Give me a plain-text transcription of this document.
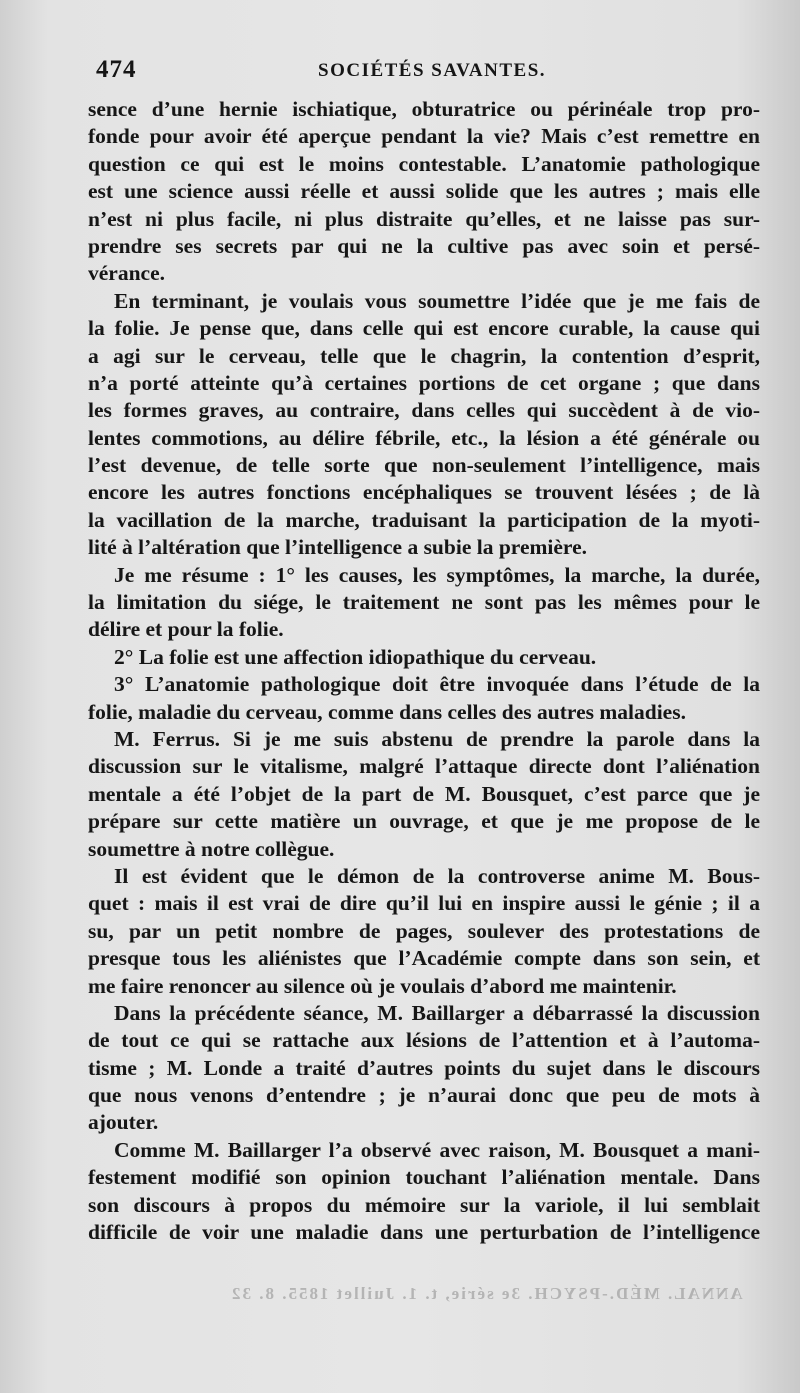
474	SOCIÉTÉS SAVANTES.
sence d’une hernie ischiatique, obturatrice ou périnéale trop pro-
fonde pour avoir été aperçue pendant la vie? Mais c’est remettre en
question ce qui est le moins contestable. L’anatomie pathologique
est une science aussi réelle et aussi solide que les autres ; mais elle
n’est ni plus facile, ni plus distraite qu’elles, et ne laisse pas sur-
prendre ses secrets par qui ne la cultive pas avec soin et persé-
vérance.
En terminant, je voulais vous soumettre l’idée que je me fais de
la folie. Je pense que, dans celle qui est encore curable, la cause qui
a agi sur le cerveau, telle que le chagrin, la contention d’esprit,
n’a porté atteinte qu’à certaines portions de cet organe ; que dans
les formes graves, au contraire, dans celles qui succèdent à de vio-
lentes commotions, au délire fébrile, etc., la lésion a été générale ou
l’est devenue, de telle sorte que non-seulement l’intelligence, mais
encore les autres fonctions encéphaliques se trouvent lésées ; de là
la vacillation de la marche, traduisant la participation de la myoti-
lité à l’altération que l’intelligence a subie la première.
Je me résume : 1° les causes, les symptômes, la marche, la durée,
la limitation du siége, le traitement ne sont pas les mêmes pour le
délire et pour la folie.
2° La folie est une affection idiopathique du cerveau.
3° L’anatomie pathologique doit être invoquée dans l’étude de la
folie, maladie du cerveau, comme dans celles des autres maladies.
M. Ferrus. Si je me suis abstenu de prendre la parole dans la
discussion sur le vitalisme, malgré l’attaque directe dont l’aliénation
mentale a été l’objet de la part de M. Bousquet, c’est parce que je
prépare sur cette matière un ouvrage, et que je me propose de le
soumettre à notre collègue.
Il est évident que le démon de la controverse anime M. Bous-
quet : mais il est vrai de dire qu’il lui en inspire aussi le génie ; il a
su, par un petit nombre de pages, soulever des protestations de
presque tous les aliénistes que l’Académie compte dans son sein, et
me faire renoncer au silence où je voulais d’abord me maintenir.
Dans la précédente séance, M. Baillarger a débarrassé la discussion
de tout ce qui se rattache aux lésions de l’attention et à l’automa-
tisme ; M. Londe a traité d’autres points du sujet dans le discours
que nous venons d’entendre ; je n’aurai donc que peu de mots à
ajouter.
Comme M. Baillarger l’a observé avec raison, M. Bousquet a mani-
festement modifié son opinion touchant l’aliénation mentale. Dans
son discours à propos du mémoire sur la variole, il lui semblait
difficile de voir une maladie dans une perturbation de l’intelligence
ANNAL. MÉD.-PSYCH. 3e série, t. 1. Juillet 1855. 8. 32
